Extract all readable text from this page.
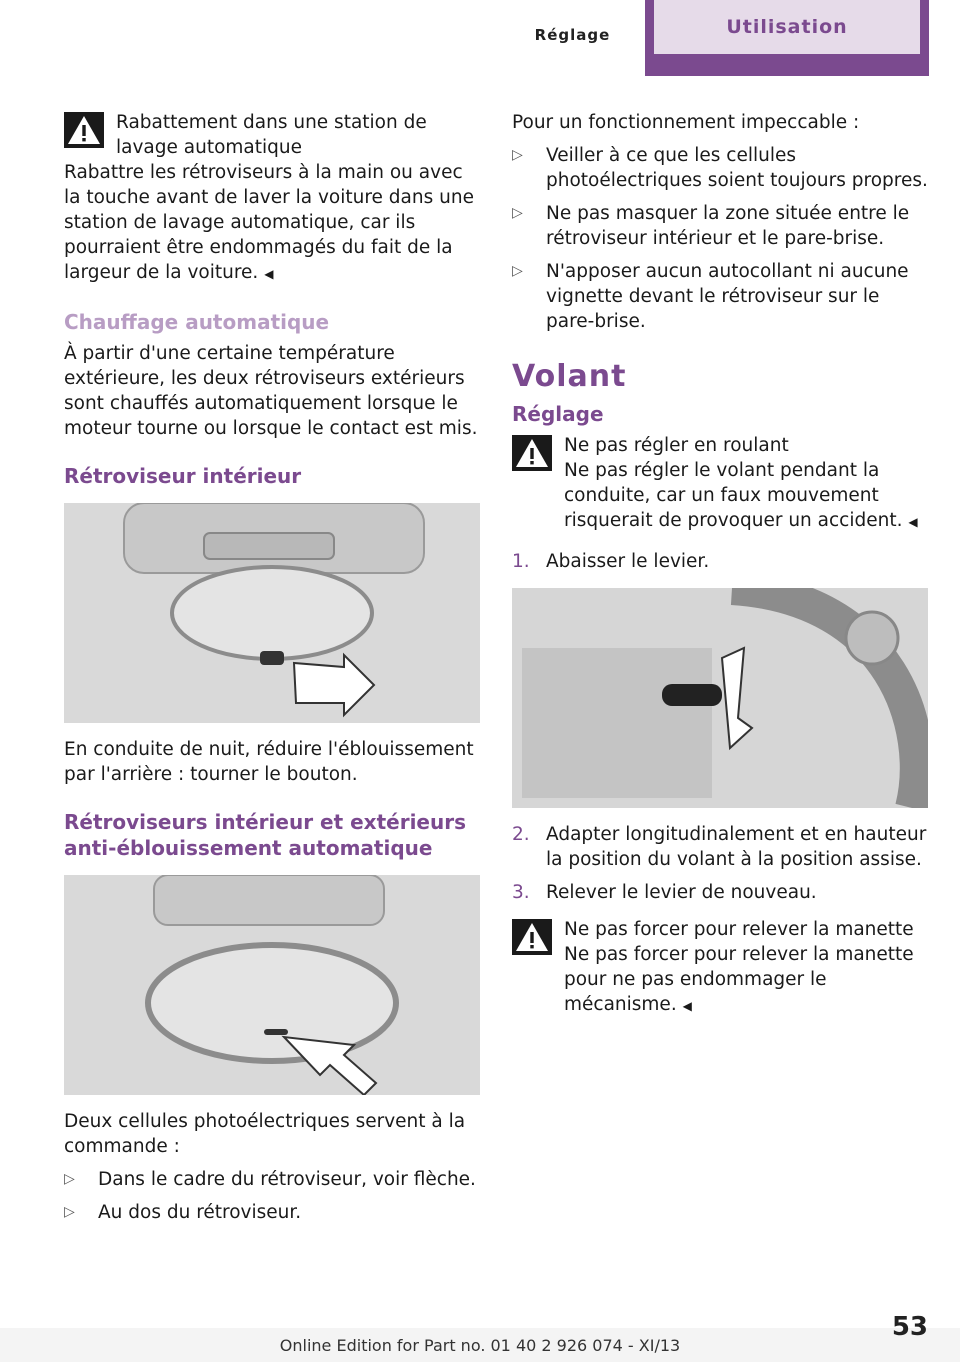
Réglage	Utilisation

Rabattement dans une station de lavage automatique

Rabattre les rétroviseurs à la main ou avec la touche avant de laver la voiture dans une station de lavage automatique, car ils pourraient être endommagés du fait de la largeur de la voiture. ◀

Chauffage automatique

À partir d'une certaine température extérieure, les deux rétroviseurs extérieurs sont chauffés automatiquement lorsque le moteur tourne ou lorsque le contact est mis.

Rétroviseur intérieur

En conduite de nuit, réduire l'éblouissement par l'arrière : tourner le bouton.

Rétroviseurs intérieur et extérieurs anti-éblouissement automatique

Deux cellules photoélectriques servent à la commande :

▷ Dans le cadre du rétroviseur, voir flèche.
▷ Au dos du rétroviseur.

Pour un fonctionnement impeccable :

▷ Veiller à ce que les cellules photoélectriques soient toujours propres.
▷ Ne pas masquer la zone située entre le rétroviseur intérieur et le pare-brise.
▷ N'apposer aucun autocollant ni aucune vignette devant le rétroviseur sur le pare-brise.
Volant
Réglage

Ne pas régler en roulant

Ne pas régler le volant pendant la conduite, car un faux mouvement risquerait de provoquer un accident. ◀

1. Abaisser le levier.
2. Adapter longitudinalement et en hauteur la position du volant à la position assise.
3. Relever le levier de nouveau.

Ne pas forcer pour relever la manette

Ne pas forcer pour relever la manette pour ne pas endommager le mécanisme. ◀

53
Online Edition for Part no. 01 40 2 926 074 - XI/13
